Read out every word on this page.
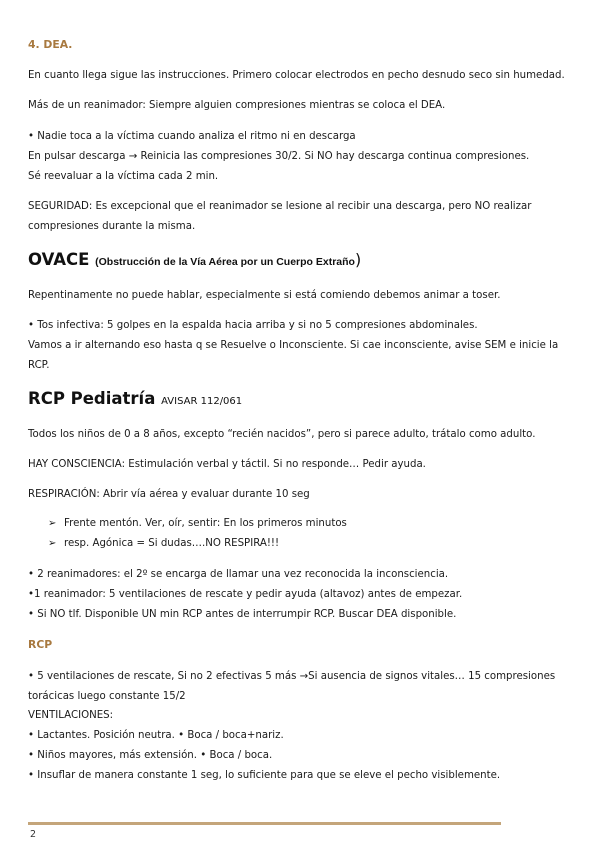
4. DEA.
En cuanto llega sigue las instrucciones. Primero colocar electrodos en pecho desnudo seco sin humedad.
Más de un reanimador: Siempre alguien compresiones mientras se coloca el DEA.
• Nadie toca a la víctima cuando analiza el ritmo ni en descarga
En pulsar descarga → Reinicia las compresiones 30/2. Si NO hay descarga continua compresiones.
Sé reevaluar a la víctima cada 2 min.
SEGURIDAD: Es excepcional que el reanimador se lesione al recibir una descarga, pero NO realizar
compresiones durante la misma.
OVACE (Obstrucción de la Vía Aérea por un Cuerpo Extraño)
Repentinamente no puede hablar, especialmente si está comiendo debemos animar a toser.
• Tos infectiva: 5 golpes en la espalda hacia arriba y si no 5 compresiones abdominales.
Vamos a ir alternando eso hasta q se Resuelve o Inconsciente. Si cae inconsciente, avise SEM e inicie la
RCP.
RCP Pediatría AVISAR 112/061
Todos los niños de 0 a 8 años, excepto “recién nacidos”, pero si parece adulto, trátalo como adulto.
HAY CONSCIENCIA: Estimulación verbal y táctil. Si no responde… Pedir ayuda.
RESPIRACIÓN: Abrir vía aérea y evaluar durante 10 seg
➢ Frente mentón. Ver, oír, sentir: En los primeros minutos
➢ resp. Agónica = Si dudas….NO RESPIRA!!!
• 2 reanimadores: el 2º se encarga de llamar una vez reconocida la inconsciencia.
•1 reanimador: 5 ventilaciones de rescate y pedir ayuda (altavoz) antes de empezar.
• Si NO tlf. Disponible UN min RCP antes de interrumpir RCP. Buscar DEA disponible.
RCP
• 5 ventilaciones de rescate, Si no 2 efectivas 5 más →Si ausencia de signos vitales… 15 compresiones
torácicas luego constante 15/2
VENTILACIONES:
• Lactantes. Posición neutra. • Boca / boca+nariz.
• Niños mayores, más extensión. • Boca / boca.
• Insuflar de manera constante 1 seg, lo suficiente para que se eleve el pecho visiblemente.
2
